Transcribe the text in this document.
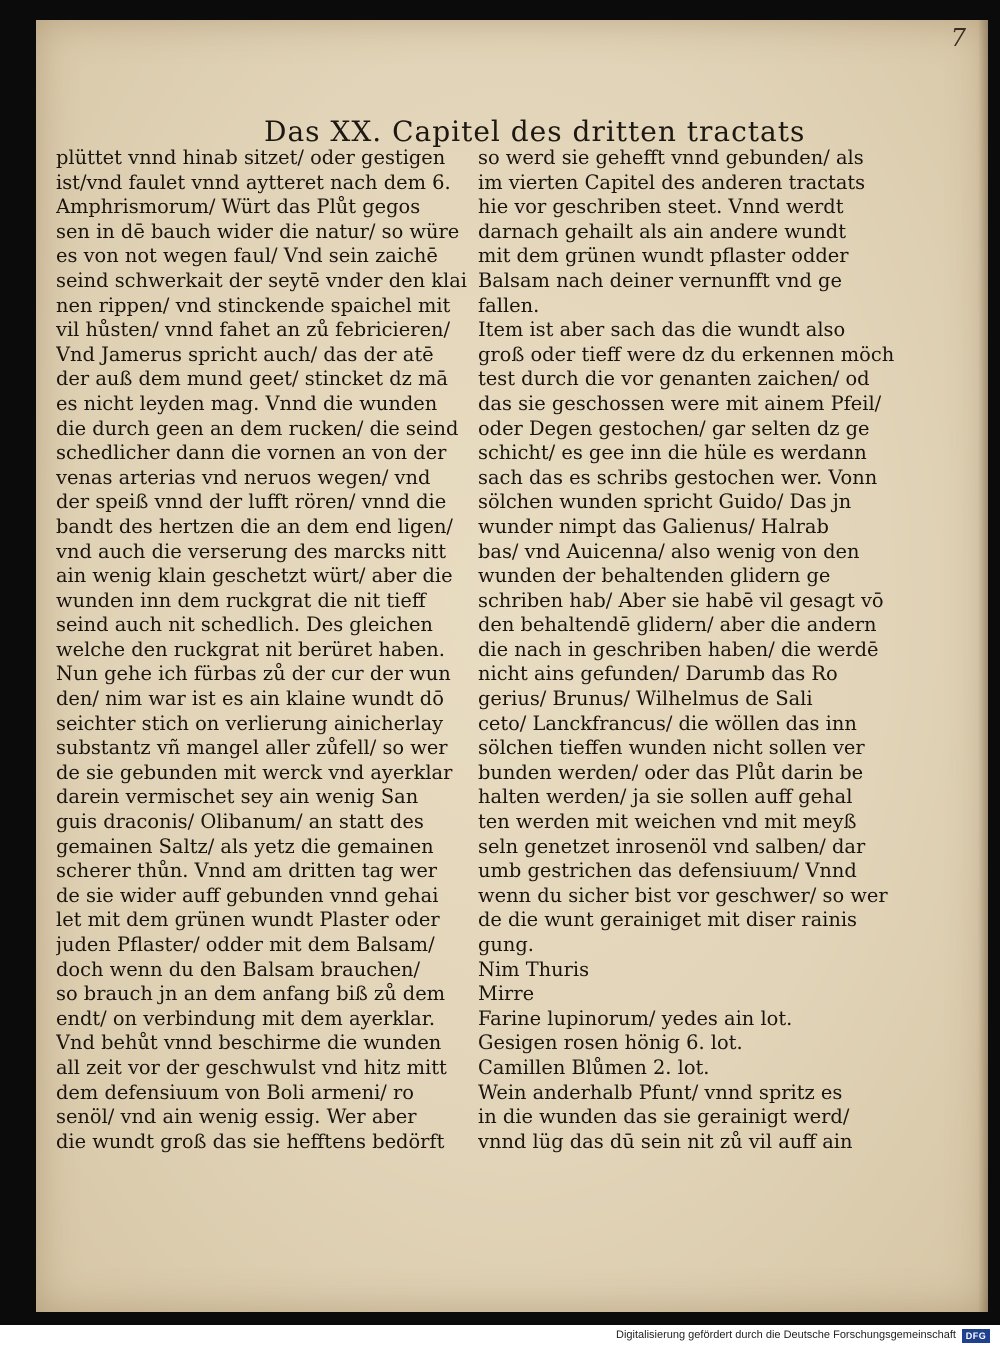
7
Das XX. Capitel des dritten tractats
plüttet vnnd hinab sitzet/ oder gestigen
ist/vnd faulet vnnd aytteret nach dem 6.
Amphrismorum/ Würt das Plůt gegos
sen in dē bauch wider die natur/ so würe
es von not wegen faul/ Vnd sein zaichē
seind schwerkait der seytē vnder den klai
nen rippen/ vnd stinckende spaichel mit
vil hůsten/ vnnd fahet an zů febricieren/
Vnd Jamerus spricht auch/ das der atē
der auß dem mund geet/ stincket dz mā
es nicht leyden mag. Vnnd die wunden
die durch geen an dem rucken/ die seind
schedlicher dann die vornen an von der
venas arterias vnd neruos wegen/ vnd
der speiß vnnd der lufft rören/ vnnd die
bandt des hertzen die an dem end ligen/
vnd auch die verserung des marcks nitt
ain wenig klain geschetzt würt/ aber die
wunden inn dem ruckgrat die nit tieff
seind auch nit schedlich. Des gleichen
welche den ruckgrat nit berüret haben.
Nun gehe ich fürbas zů der cur der wun
den/ nim war ist es ain klaine wundt dō
seichter stich on verlierung ainicherlay
substantz vñ mangel aller zůfell/ so wer
de sie gebunden mit werck vnd ayerklar
darein vermischet sey ain wenig San
guis draconis/ Olibanum/ an statt des
gemainen Saltz/ als yetz die gemainen
scherer thůn. Vnnd am dritten tag wer
de sie wider auff gebunden vnnd gehai
let mit dem grünen wundt Plaster oder
juden Pflaster/ odder mit dem Balsam/
doch wenn du den Balsam brauchen/
so brauch jn an dem anfang biß zů dem
endt/ on verbindung mit dem ayerklar.
Vnd behůt vnnd beschirme die wunden
all zeit vor der geschwulst vnd hitz mitt
dem defensiuum von Boli armeni/ ro
senöl/ vnd ain wenig essig. Wer aber
die wundt groß das sie hefftens bedörft
so werd sie gehefft vnnd gebunden/ als
im vierten Capitel des anderen tractats
hie vor geschriben steet. Vnnd werdt
darnach gehailt als ain andere wundt
mit dem grünen wundt pflaster odder
Balsam nach deiner vernunfft vnd ge
fallen.
Item ist aber sach das die wundt also
groß oder tieff were dz du erkennen möch
test durch die vor genanten zaichen/ od
das sie geschossen were mit ainem Pfeil/
oder Degen gestochen/ gar selten dz ge
schicht/ es gee inn die hüle es werdann
sach das es schribs gestochen wer. Vonn
sölchen wunden spricht Guido/ Das jn
wunder nimpt das Galienus/ Halrab
bas/ vnd Auicenna/ also wenig von den
wunden der behaltenden glidern ge
schriben hab/ Aber sie habē vil gesagt vō
den behaltendē glidern/ aber die andern
die nach in geschriben haben/ die werdē
nicht ains gefunden/ Darumb das Ro
gerius/ Brunus/ Wilhelmus de Sali
ceto/ Lanckfrancus/ die wöllen das inn
sölchen tieffen wunden nicht sollen ver
bunden werden/ oder das Plůt darin be
halten werden/ ja sie sollen auff gehal
ten werden mit weichen vnd mit meyß
seln genetzet inrosenöl vnd salben/ dar
umb gestrichen das defensiuum/ Vnnd
wenn du sicher bist vor geschwer/ so wer
de die wunt gerainiget mit diser rainis
gung.
Nim Thuris
Mirre
Farine lupinorum/ yedes ain lot.
Gesigen rosen hönig 6. lot.
Camillen Blůmen 2. lot.
Wein anderhalb Pfunt/ vnnd spritz es
in die wunden das sie gerainigt werd/
vnnd lüg das dū sein nit zů vil auff ain
Digitalisierung gefördert durch die Deutsche Forschungsgemeinschaft	DFG
